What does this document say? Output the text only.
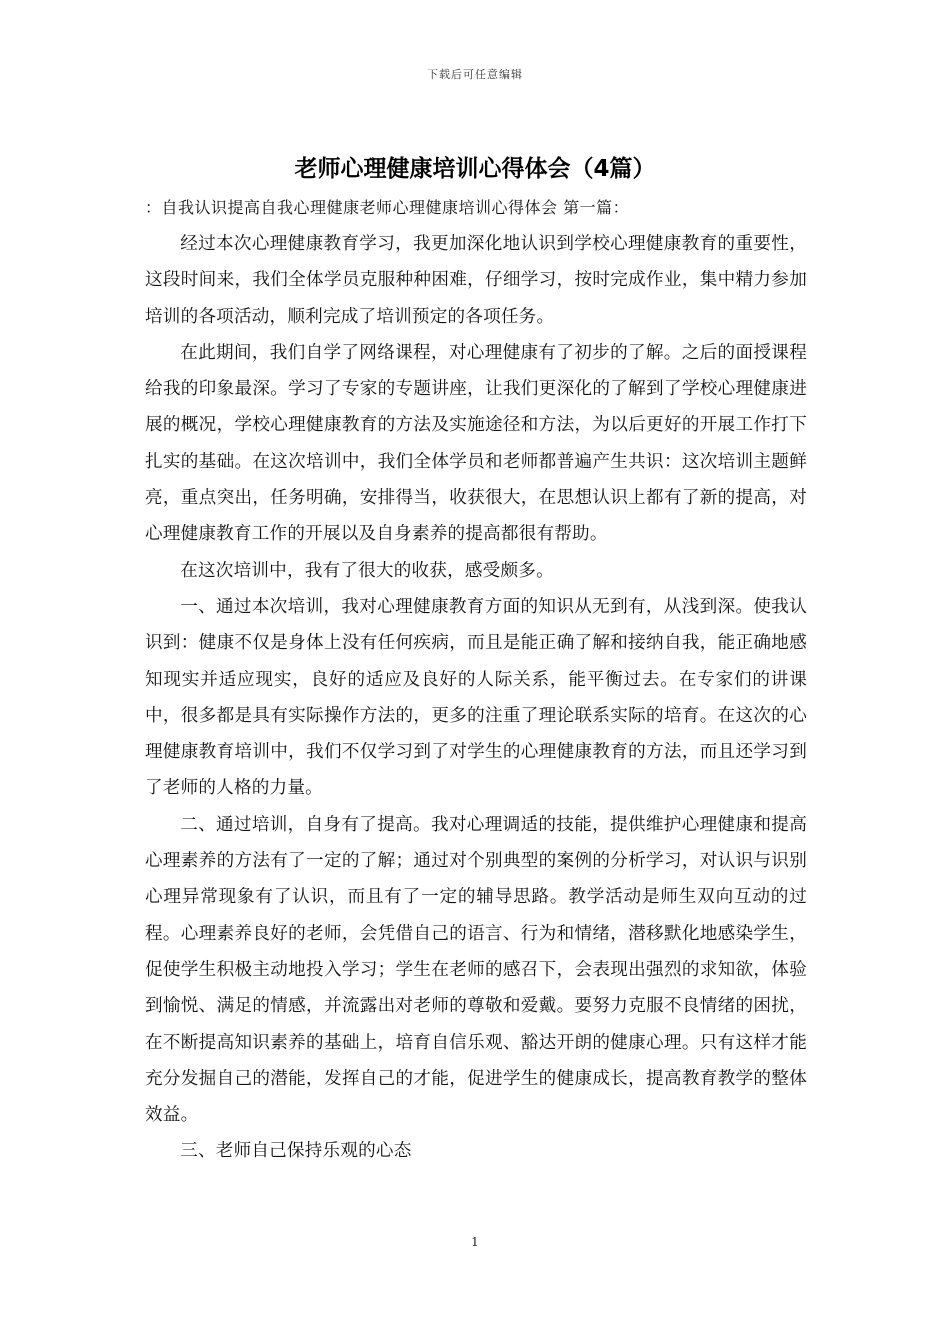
下载后可任意编辑
老师心理健康培训心得体会（4篇）
：自我认识提高自我心理健康老师心理健康培训心得体会 第一篇：

经过本次心理健康教育学习，我更加深化地认识到学校心理健康教育的重要性，这段时间来，我们全体学员克服种种困难，仔细学习，按时完成作业，集中精力参加培训的各项活动，顺利完成了培训预定的各项任务。

在此期间，我们自学了网络课程，对心理健康有了初步的了解。之后的面授课程给我的印象最深。学习了专家的专题讲座，让我们更深化的了解到了学校心理健康进展的概况，学校心理健康教育的方法及实施途径和方法，为以后更好的开展工作打下扎实的基础。在这次培训中，我们全体学员和老师都普遍产生共识：这次培训主题鲜亮，重点突出，任务明确，安排得当，收获很大，在思想认识上都有了新的提高，对心理健康教育工作的开展以及自身素养的提高都很有帮助。

在这次培训中，我有了很大的收获，感受颇多。

一、通过本次培训，我对心理健康教育方面的知识从无到有，从浅到深。使我认识到：健康不仅是身体上没有任何疾病，而且是能正确了解和接纳自我，能正确地感知现实并适应现实，良好的适应及良好的人际关系，能平衡过去。在专家们的讲课中，很多都是具有实际操作方法的，更多的注重了理论联系实际的培育。在这次的心理健康教育培训中，我们不仅学习到了对学生的心理健康教育的方法，而且还学习到了老师的人格的力量。

二、通过培训，自身有了提高。我对心理调适的技能，提供维护心理健康和提高心理素养的方法有了一定的了解；通过对个别典型的案例的分析学习，对认识与识别心理异常现象有了认识，而且有了一定的辅导思路。教学活动是师生双向互动的过程。心理素养良好的老师，会凭借自己的语言、行为和情绪，潜移默化地感染学生，促使学生积极主动地投入学习；学生在老师的感召下，会表现出强烈的求知欲，体验到愉悦、满足的情感，并流露出对老师的尊敬和爱戴。要努力克服不良情绪的困扰，在不断提高知识素养的基础上，培育自信乐观、豁达开朗的健康心理。只有这样才能充分发掘自己的潜能，发挥自己的才能，促进学生的健康成长，提高教育教学的整体效益。

三、老师自己保持乐观的心态

1
